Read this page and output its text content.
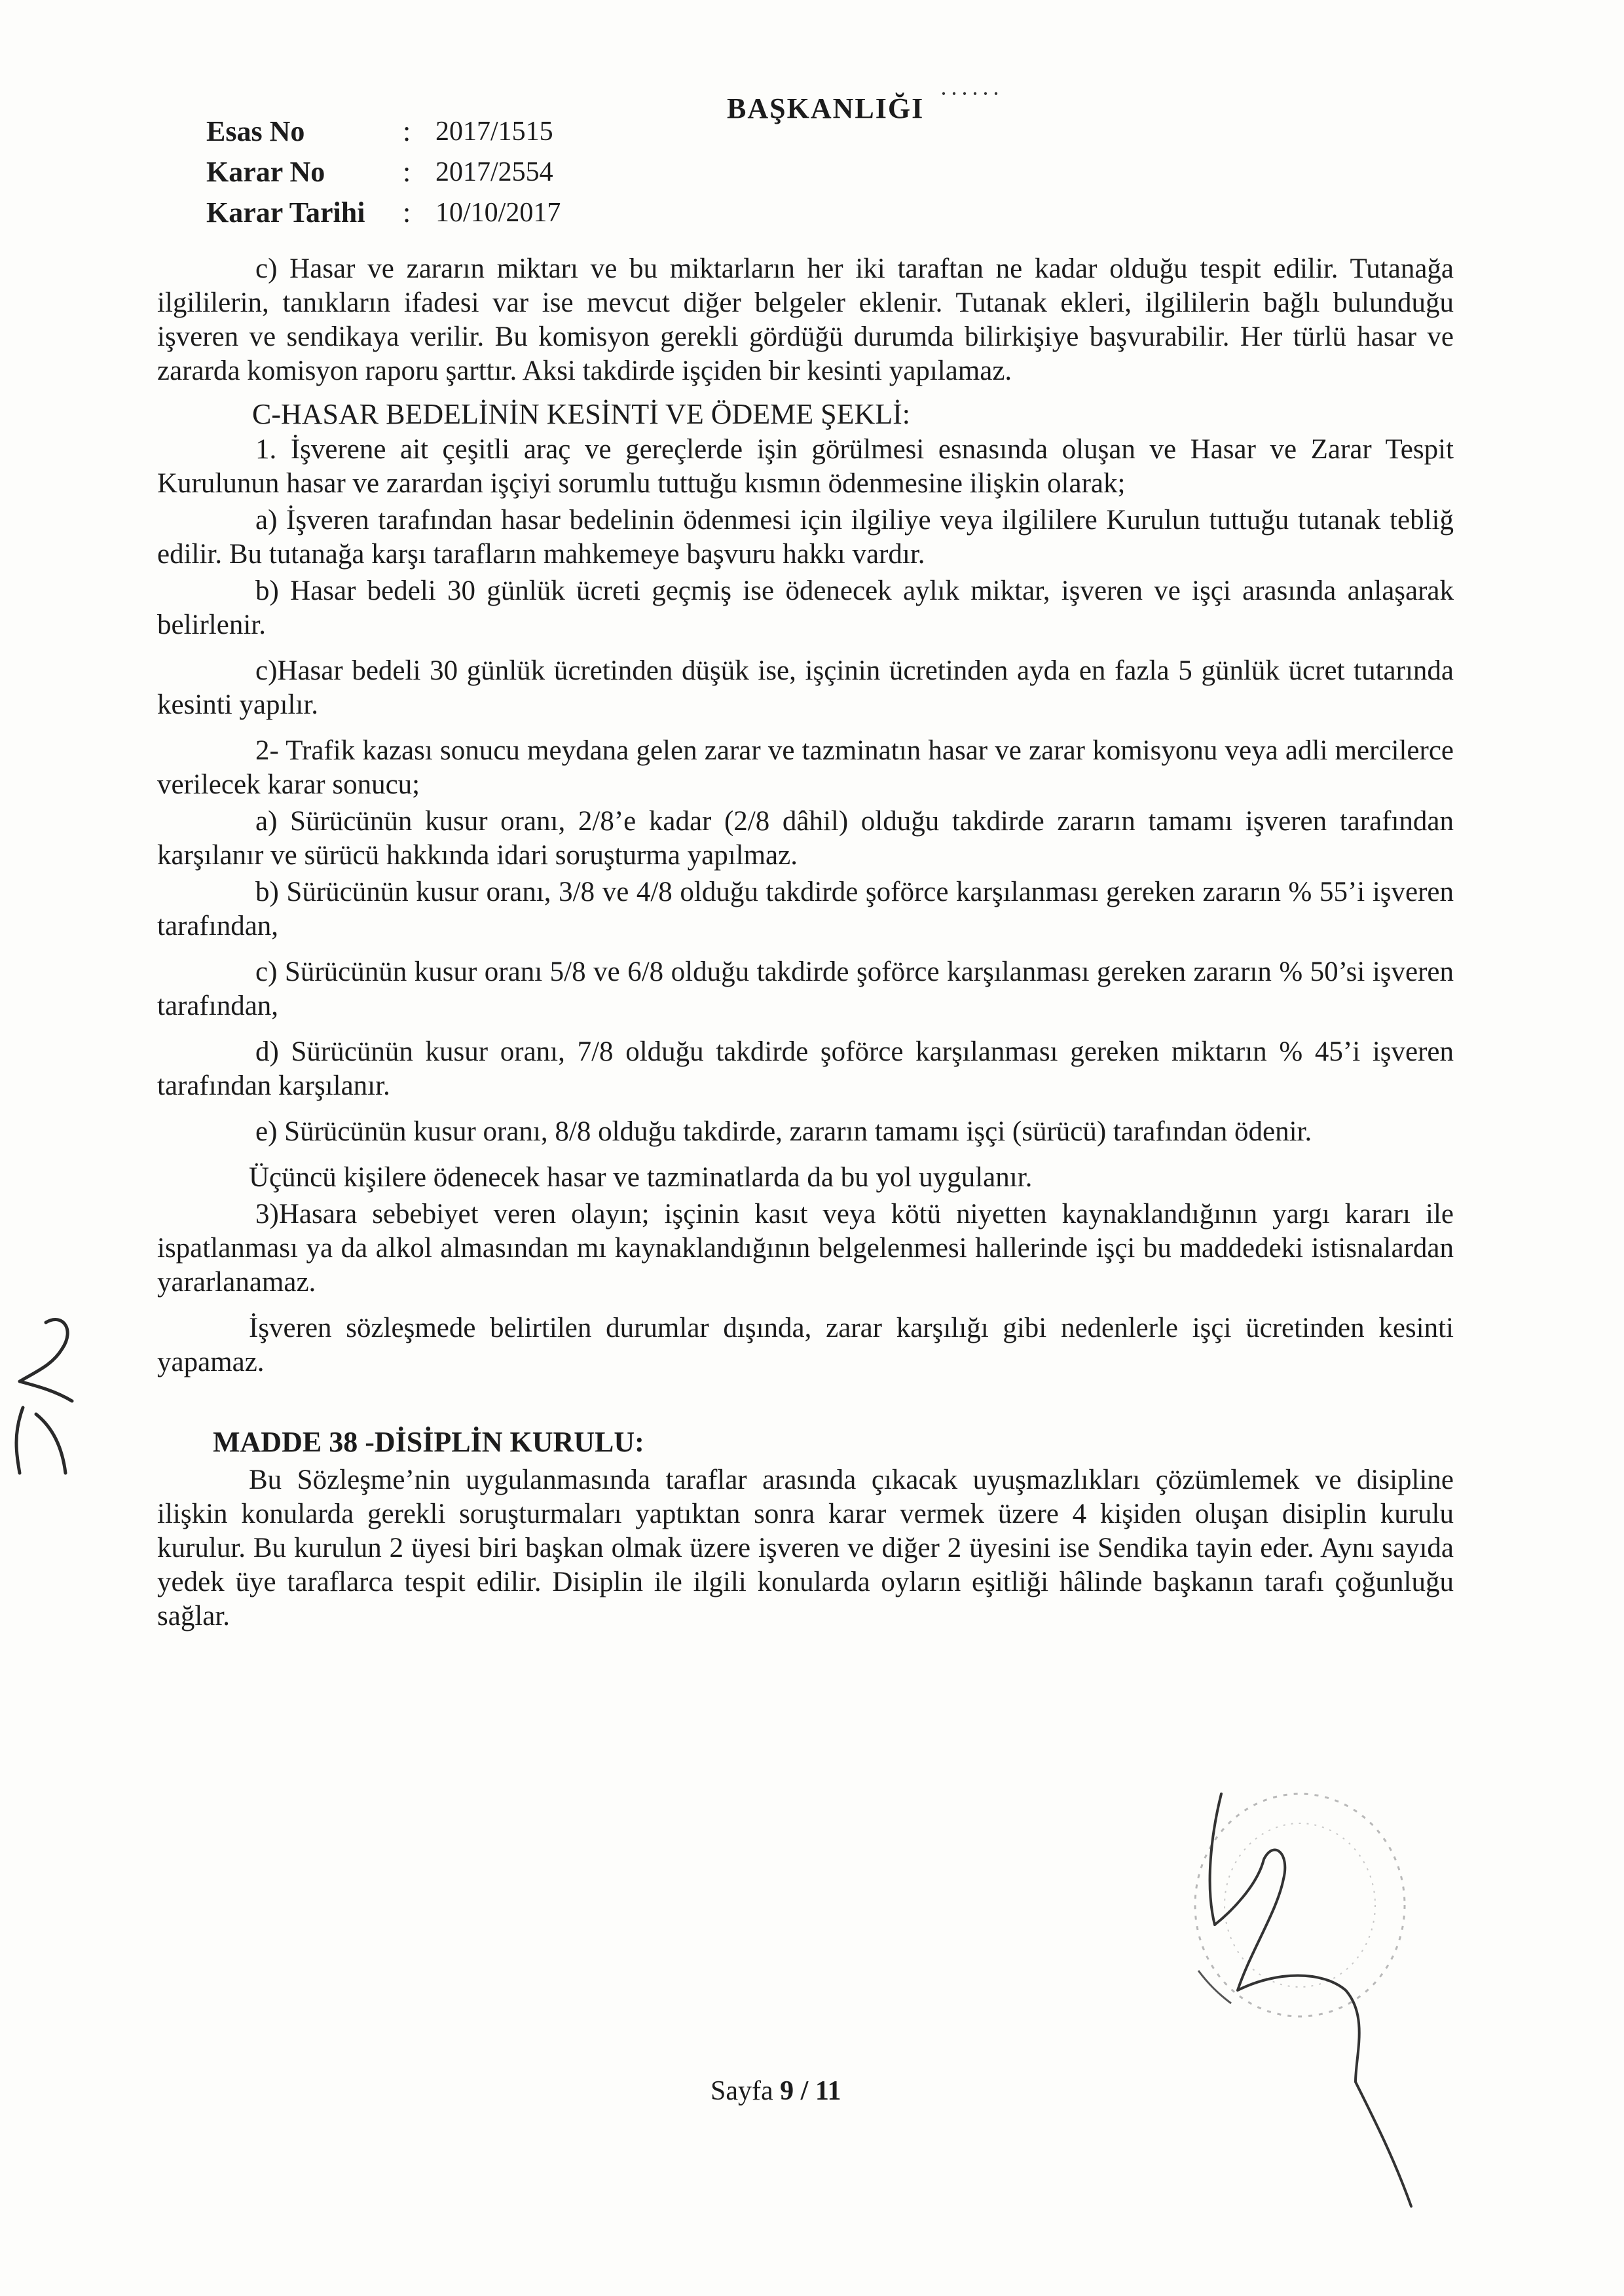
······
BAŞKANLIĞI
Esas No	: 2017/1515
Karar No	: 2017/2554
Karar Tarihi	: 10/10/2017

c) Hasar ve zararın miktarı ve bu miktarların her iki taraftan ne kadar olduğu tespit edilir. Tutanağa ilgililerin, tanıkların ifadesi var ise mevcut diğer belgeler eklenir. Tutanak ekleri, ilgililerin bağlı bulunduğu işveren ve sendikaya verilir. Bu komisyon gerekli gördüğü durumda bilirkişiye başvurabilir. Her türlü hasar ve zararda komisyon raporu şarttır. Aksi takdirde işçiden bir kesinti yapılamaz.

C-HASAR BEDELİNİN KESİNTİ VE ÖDEME ŞEKLİ:

1. İşverene ait çeşitli araç ve gereçlerde işin görülmesi esnasında oluşan ve Hasar ve Zarar Tespit Kurulunun hasar ve zarardan işçiyi sorumlu tuttuğu kısmın ödenmesine ilişkin olarak;

a) İşveren tarafından hasar bedelinin ödenmesi için ilgiliye veya ilgililere Kurulun tuttuğu tutanak tebliğ edilir. Bu tutanağa karşı tarafların mahkemeye başvuru hakkı vardır.

b) Hasar bedeli 30 günlük ücreti geçmiş ise ödenecek aylık miktar, işveren ve işçi arasında anlaşarak belirlenir.

c)Hasar bedeli 30 günlük ücretinden düşük ise, işçinin ücretinden ayda en fazla 5 günlük ücret tutarında kesinti yapılır.

2- Trafik kazası sonucu meydana gelen zarar ve tazminatın hasar ve zarar komisyonu veya adli mercilerce verilecek karar sonucu;

a) Sürücünün kusur oranı, 2/8’e kadar (2/8 dâhil) olduğu takdirde zararın tamamı işveren tarafından karşılanır ve sürücü hakkında idari soruşturma yapılmaz.

b) Sürücünün kusur oranı, 3/8 ve 4/8 olduğu takdirde şoförce karşılanması gereken zararın % 55’i işveren tarafından,

c) Sürücünün kusur oranı 5/8 ve 6/8 olduğu takdirde şoförce karşılanması gereken zararın % 50’si işveren tarafından,

d) Sürücünün kusur oranı, 7/8 olduğu takdirde şoförce karşılanması gereken miktarın % 45’i işveren tarafından karşılanır.

e) Sürücünün kusur oranı, 8/8 olduğu takdirde, zararın tamamı işçi (sürücü) tarafından ödenir.

Üçüncü kişilere ödenecek hasar ve tazminatlarda da bu yol uygulanır.

3)Hasara sebebiyet veren olayın; işçinin kasıt veya kötü niyetten kaynaklandığının yargı kararı ile ispatlanması ya da alkol almasından mı kaynaklandığının belgelenmesi hallerinde işçi bu maddedeki istisnalardan yararlanamaz.

İşveren sözleşmede belirtilen durumlar dışında, zarar karşılığı gibi nedenlerle işçi ücretinden kesinti yapamaz.

MADDE 38 -DİSİPLİN KURULU:

Bu Sözleşme’nin uygulanmasında taraflar arasında çıkacak uyuşmazlıkları çözümlemek ve disipline ilişkin konularda gerekli soruşturmaları yaptıktan sonra karar vermek üzere 4 kişiden oluşan disiplin kurulu kurulur. Bu kurulun 2 üyesi biri başkan olmak üzere işveren ve diğer 2 üyesini ise Sendika tayin eder. Aynı sayıda yedek üye taraflarca tespit edilir. Disiplin ile ilgili konularda oyların eşitliği hâlinde başkanın tarafı çoğunluğu sağlar.

Sayfa 9 / 11
